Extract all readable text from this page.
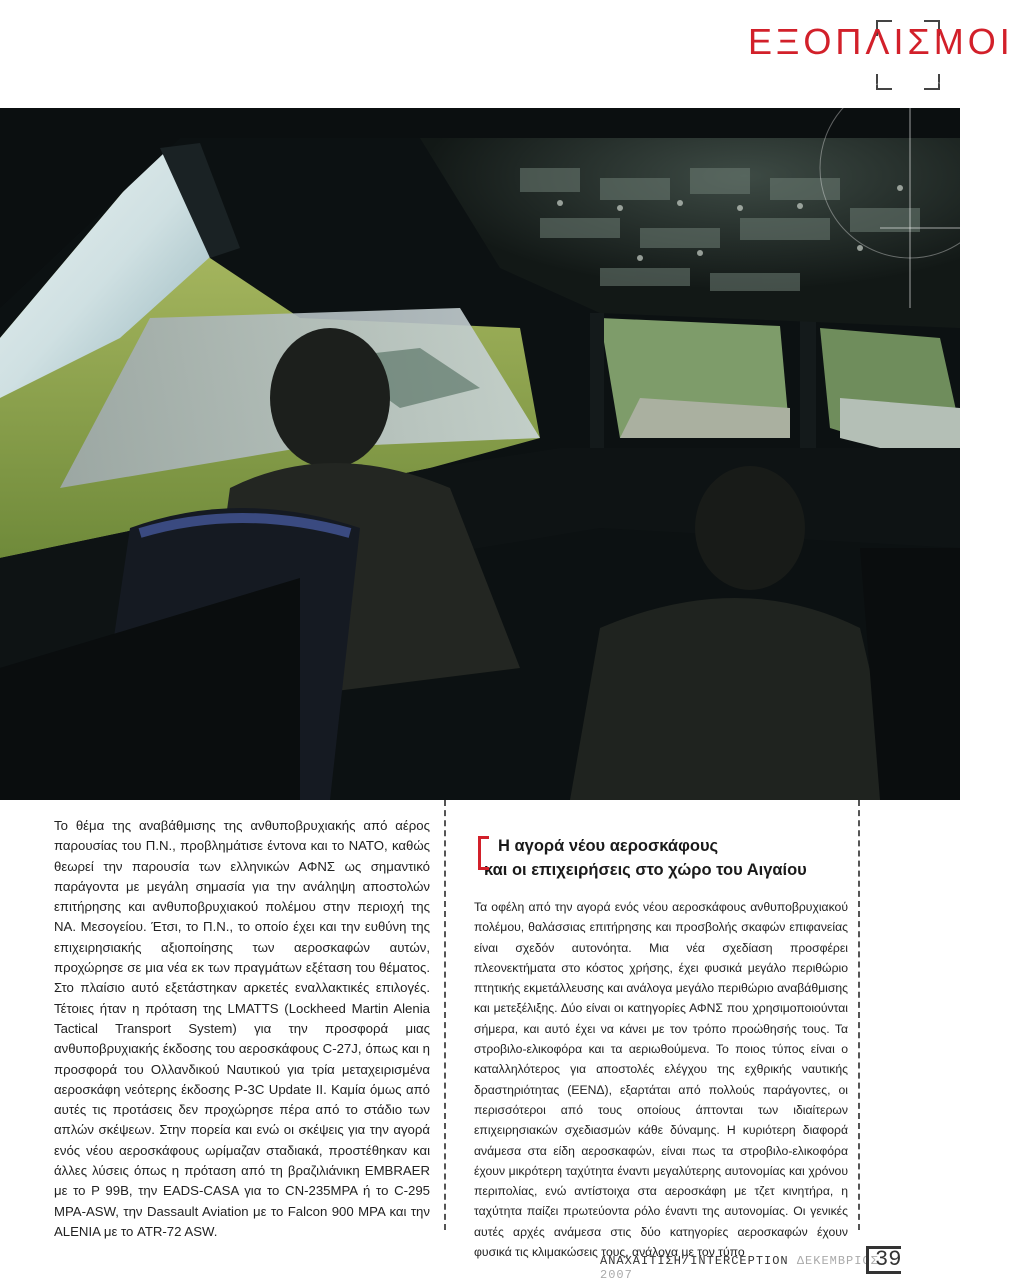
ΕΞΟΠΛΙΣΜΟΙ

Το θέμα της αναβάθμισης της ανθυποβρυχιακής από αέρος παρουσίας του Π.Ν., προβλημάτισε έντονα και το ΝΑΤΟ, καθώς θεωρεί την παρουσία των ελληνικών ΑΦΝΣ ως σημαντικό παράγοντα με μεγάλη σημασία για την ανάληψη αποστολών επιτήρησης και ανθυποβρυχιακού πολέμου στην περιοχή της ΝΑ. Μεσογείου. Έτσι, το Π.Ν., το οποίο έχει και την ευθύνη της επιχειρησιακής αξιοποίησης των αεροσκαφών αυτών, προχώρησε σε μια νέα εκ των πραγμάτων εξέταση του θέματος. Στο πλαίσιο αυτό εξετάστηκαν αρκετές εναλλακτικές επιλογές. Τέτοιες ήταν η πρόταση της LMATTS (Lockheed Martin Alenia Tactical Transport System) για την προσφορά μιας ανθυποβρυχιακής έκδοσης του αεροσκάφους C-27J, όπως και η προσφορά του Ολλανδικού Ναυτικού για τρία μεταχειρισμένα αεροσκάφη νεότερης έκδοσης P-3C Update II. Καμία όμως από αυτές τις προτάσεις δεν προχώρησε πέρα από το στάδιο των απλών σκέψεων. Στην πορεία και ενώ οι σκέψεις για την αγορά ενός νέου αεροσκάφους ωρίμαζαν σταδιακά, προστέθηκαν και άλλες λύσεις όπως η πρόταση από τη βραζιλιάνικη EMBRAER με το P 99B, την EADS-CASA για το CN-235MPA ή το C-295 MPA-ASW, την Dassault Aviation με το Falcon 900 MPA και την ALENIA με το ATR-72 ASW.

Η αγορά νέου αεροσκάφους
και οι επιχειρήσεις στο χώρο του Αιγαίου

Τα οφέλη από την αγορά ενός νέου αεροσκάφους ανθυποβρυχιακού πολέμου, θαλάσσιας επιτήρησης και προσβολής σκαφών επιφανείας είναι σχεδόν αυτονόητα. Μια νέα σχεδίαση προσφέρει πλεονεκτήματα στο κόστος χρήσης, έχει φυσικά μεγάλο περιθώριο πτητικής εκμετάλλευσης και ανάλογα μεγάλο περιθώριο αναβάθμισης και μετεξέλιξης. Δύο είναι οι κατηγορίες ΑΦΝΣ που χρησιμοποιούνται σήμερα, και αυτό έχει να κάνει με τον τρόπο προώθησής τους. Τα στροβιλο-ελικοφόρα και τα αεριωθούμενα. Το ποιος τύπος είναι ο καταλληλότερος για αποστολές ελέγχου της εχθρικής ναυτικής δραστηριότητας (ΕΕΝΔ), εξαρτάται από πολλούς παράγοντες, οι περισσότεροι από τους οποίους άπτονται των ιδιαίτερων επιχειρησιακών σχεδιασμών κάθε δύναμης. Η κυριότερη διαφορά ανάμεσα στα είδη αεροσκαφών, είναι πως τα στροβιλο-ελικοφόρα έχουν μικρότερη ταχύτητα έναντι μεγαλύτερης αυτονομίας και χρόνου περιπολίας, ενώ αντίστοιχα στα αεροσκάφη με τζετ κινητήρα, η ταχύτητα παίζει πρωτεύοντα ρόλο έναντι της αυτονομίας. Οι γενικές αυτές αρχές ανάμεσα στις δύο κατηγορίες αεροσκαφών έχουν φυσικά τις κλιμακώσεις τους, ανάλογα με τον τύπο

ΑΝΑΧΑΙΤΙΣΗ/INTERCEPTION ΔΕΚΕΜΒΡΙΟΣ 2007
39
